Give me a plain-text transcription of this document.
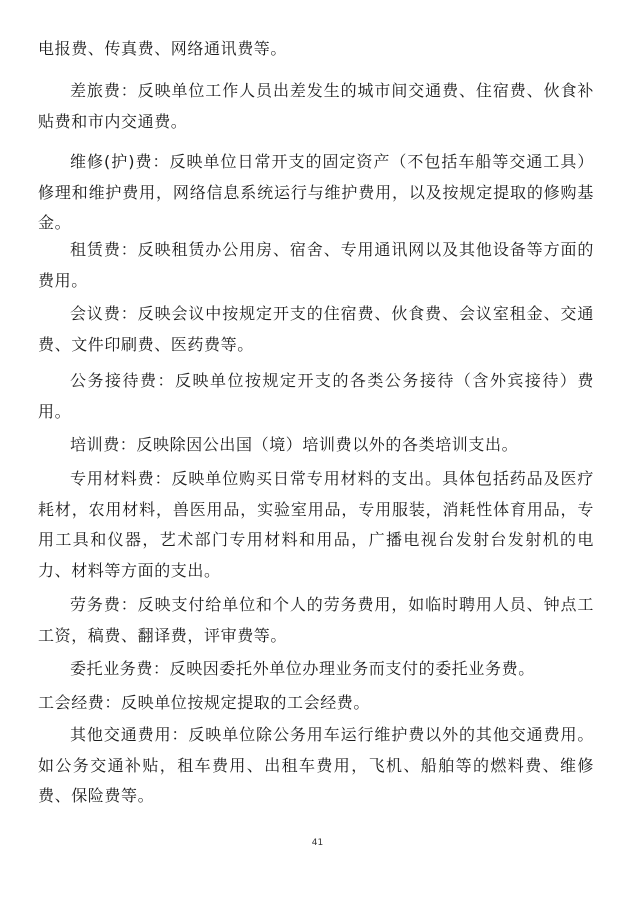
电报费、传真费、网络通讯费等。

差旅费：反映单位工作人员出差发生的城市间交通费、住宿费、伙食补贴费和市内交通费。

维修(护)费：反映单位日常开支的固定资产（不包括车船等交通工具）修理和维护费用，网络信息系统运行与维护费用，以及按规定提取的修购基金。

租赁费：反映租赁办公用房、宿舍、专用通讯网以及其他设备等方面的费用。

会议费：反映会议中按规定开支的住宿费、伙食费、会议室租金、交通费、文件印刷费、医药费等。

公务接待费：反映单位按规定开支的各类公务接待（含外宾接待）费用。

培训费：反映除因公出国（境）培训费以外的各类培训支出。

专用材料费：反映单位购买日常专用材料的支出。具体包括药品及医疗耗材，农用材料，兽医用品，实验室用品，专用服装，消耗性体育用品，专用工具和仪器，艺术部门专用材料和用品，广播电视台发射台发射机的电力、材料等方面的支出。

劳务费：反映支付给单位和个人的劳务费用，如临时聘用人员、钟点工工资，稿费、翻译费，评审费等。

委托业务费：反映因委托外单位办理业务而支付的委托业务费。

工会经费：反映单位按规定提取的工会经费。

其他交通费用：反映单位除公务用车运行维护费以外的其他交通费用。如公务交通补贴，租车费用、出租车费用，飞机、船舶等的燃料费、维修费、保险费等。

41
